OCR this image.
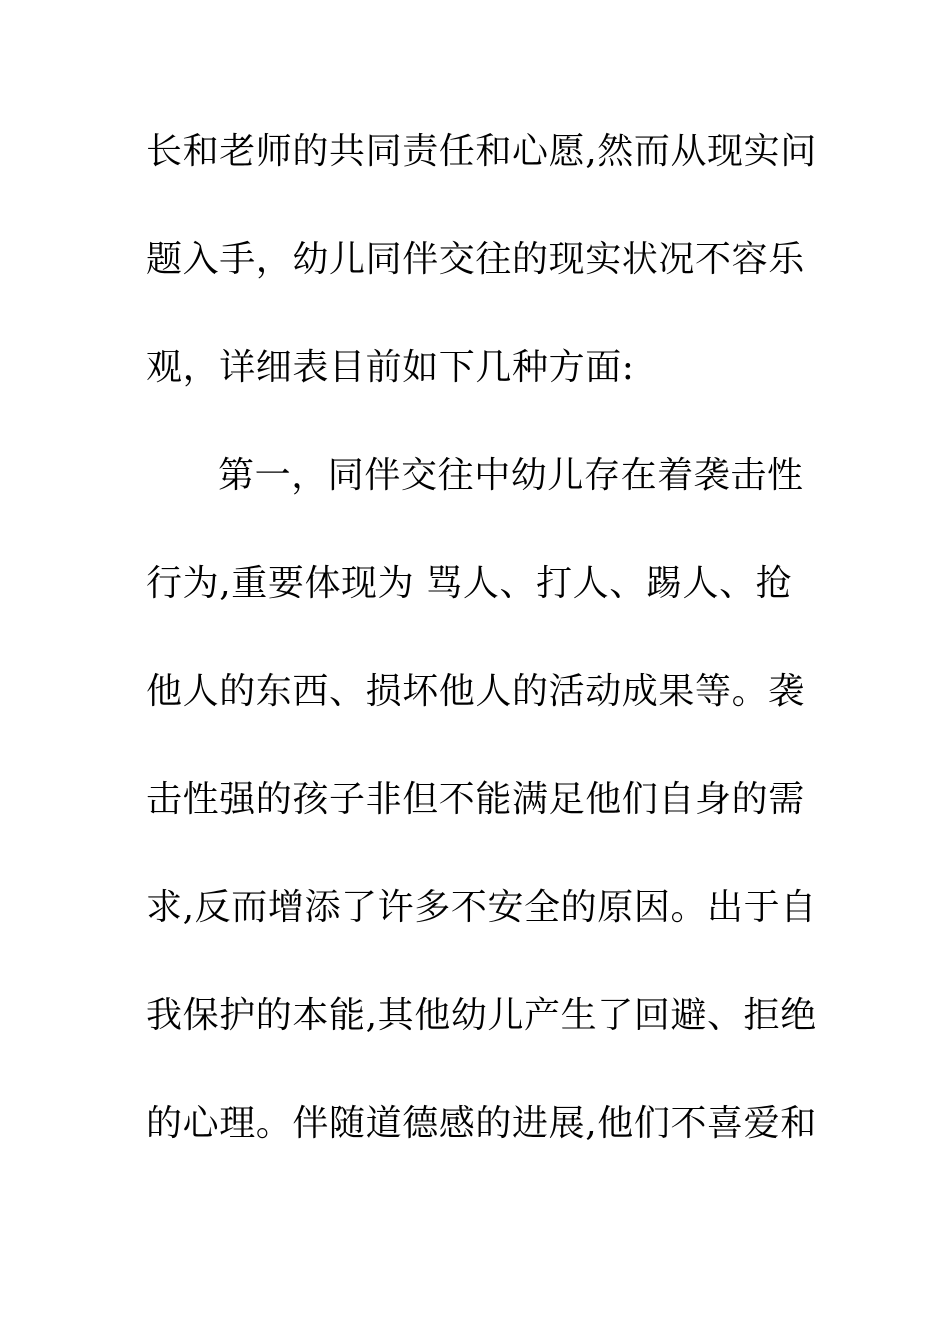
长和老师的共同责任和心愿,然而从现实问
题入手，幼儿同伴交往的现实状况不容乐
观，详细表目前如下几种方面:
第一，同伴交往中幼儿存在着袭击性
行为,重要体现为 骂人、打人、踢人、抢
他人的东西、损坏他人的活动成果等。袭
击性强的孩子非但不能满足他们自身的需
求,反而增添了许多不安全的原因。出于自
我保护的本能,其他幼儿产生了回避、拒绝
的心理。伴随道德感的进展,他们不喜爱和
